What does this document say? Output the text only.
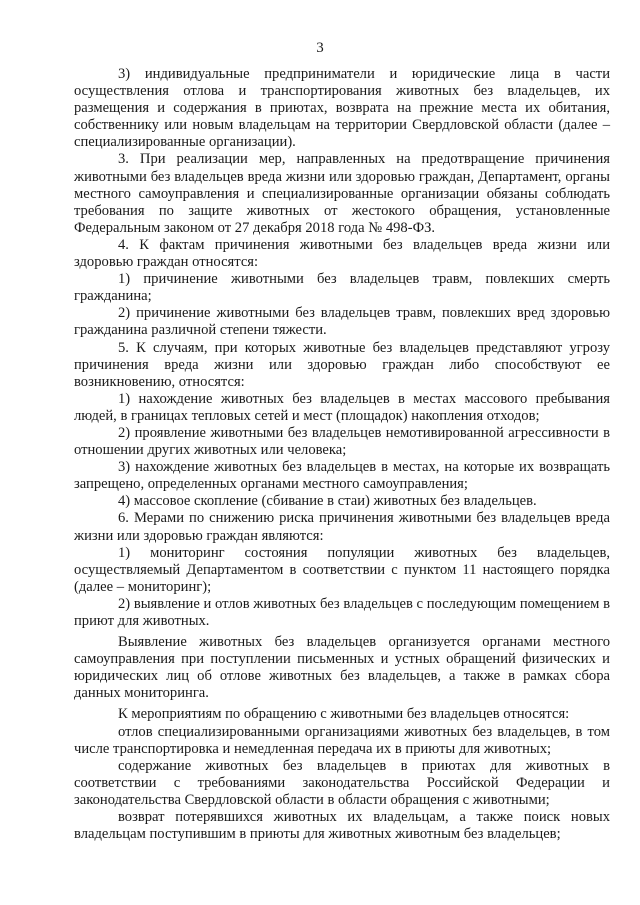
3

3) индивидуальные предприниматели и юридические лица в части осуществления отлова и транспортирования животных без владельцев, их размещения и содержания в приютах, возврата на прежние места их обитания, собственнику или новым владельцам на территории Свердловской области (далее – специализированные организации).

3. При реализации мер, направленных на предотвращение причинения животными без владельцев вреда жизни или здоровью граждан, Департамент, органы местного самоуправления и специализированные организации обязаны соблюдать требования по защите животных от жестокого обращения, установленные Федеральным законом от 27 декабря 2018 года № 498-ФЗ.

4. К фактам причинения животными без владельцев вреда жизни или здоровью граждан относятся:

1) причинение животными без владельцев травм, повлекших смерть гражданина;

2) причинение животными без владельцев травм, повлекших вред здоровью гражданина различной степени тяжести.

5. К случаям, при которых животные без владельцев представляют угрозу причинения вреда жизни или здоровью граждан либо способствуют ее возникновению, относятся:

1) нахождение животных без владельцев в местах массового пребывания людей, в границах тепловых сетей и мест (площадок) накопления отходов;

2) проявление животными без владельцев немотивированной агрессивности в отношении других животных или человека;

3) нахождение животных без владельцев в местах, на которые их возвращать запрещено, определенных органами местного самоуправления;

4) массовое скопление (сбивание в стаи) животных без владельцев.

6. Мерами по снижению риска причинения животными без владельцев вреда жизни или здоровью граждан являются:

1) мониторинг состояния популяции животных без владельцев, осуществляемый Департаментом в соответствии с пунктом 11 настоящего порядка (далее – мониторинг);

2) выявление и отлов животных без владельцев с последующим помещением в приют для животных.

Выявление животных без владельцев организуется органами местного самоуправления при поступлении письменных и устных обращений физических и юридических лиц об отлове животных без владельцев, а также в рамках сбора данных мониторинга.

К мероприятиям по обращению с животными без владельцев относятся:

отлов специализированными организациями животных без владельцев, в том числе транспортировка и немедленная передача их в приюты для животных;

содержание животных без владельцев в приютах для животных в соответствии с требованиями законодательства Российской Федерации и законодательства Свердловской области в области обращения с животными;

возврат потерявшихся животных их владельцам, а также поиск новых владельцам поступившим в приюты для животных животным без владельцев;
